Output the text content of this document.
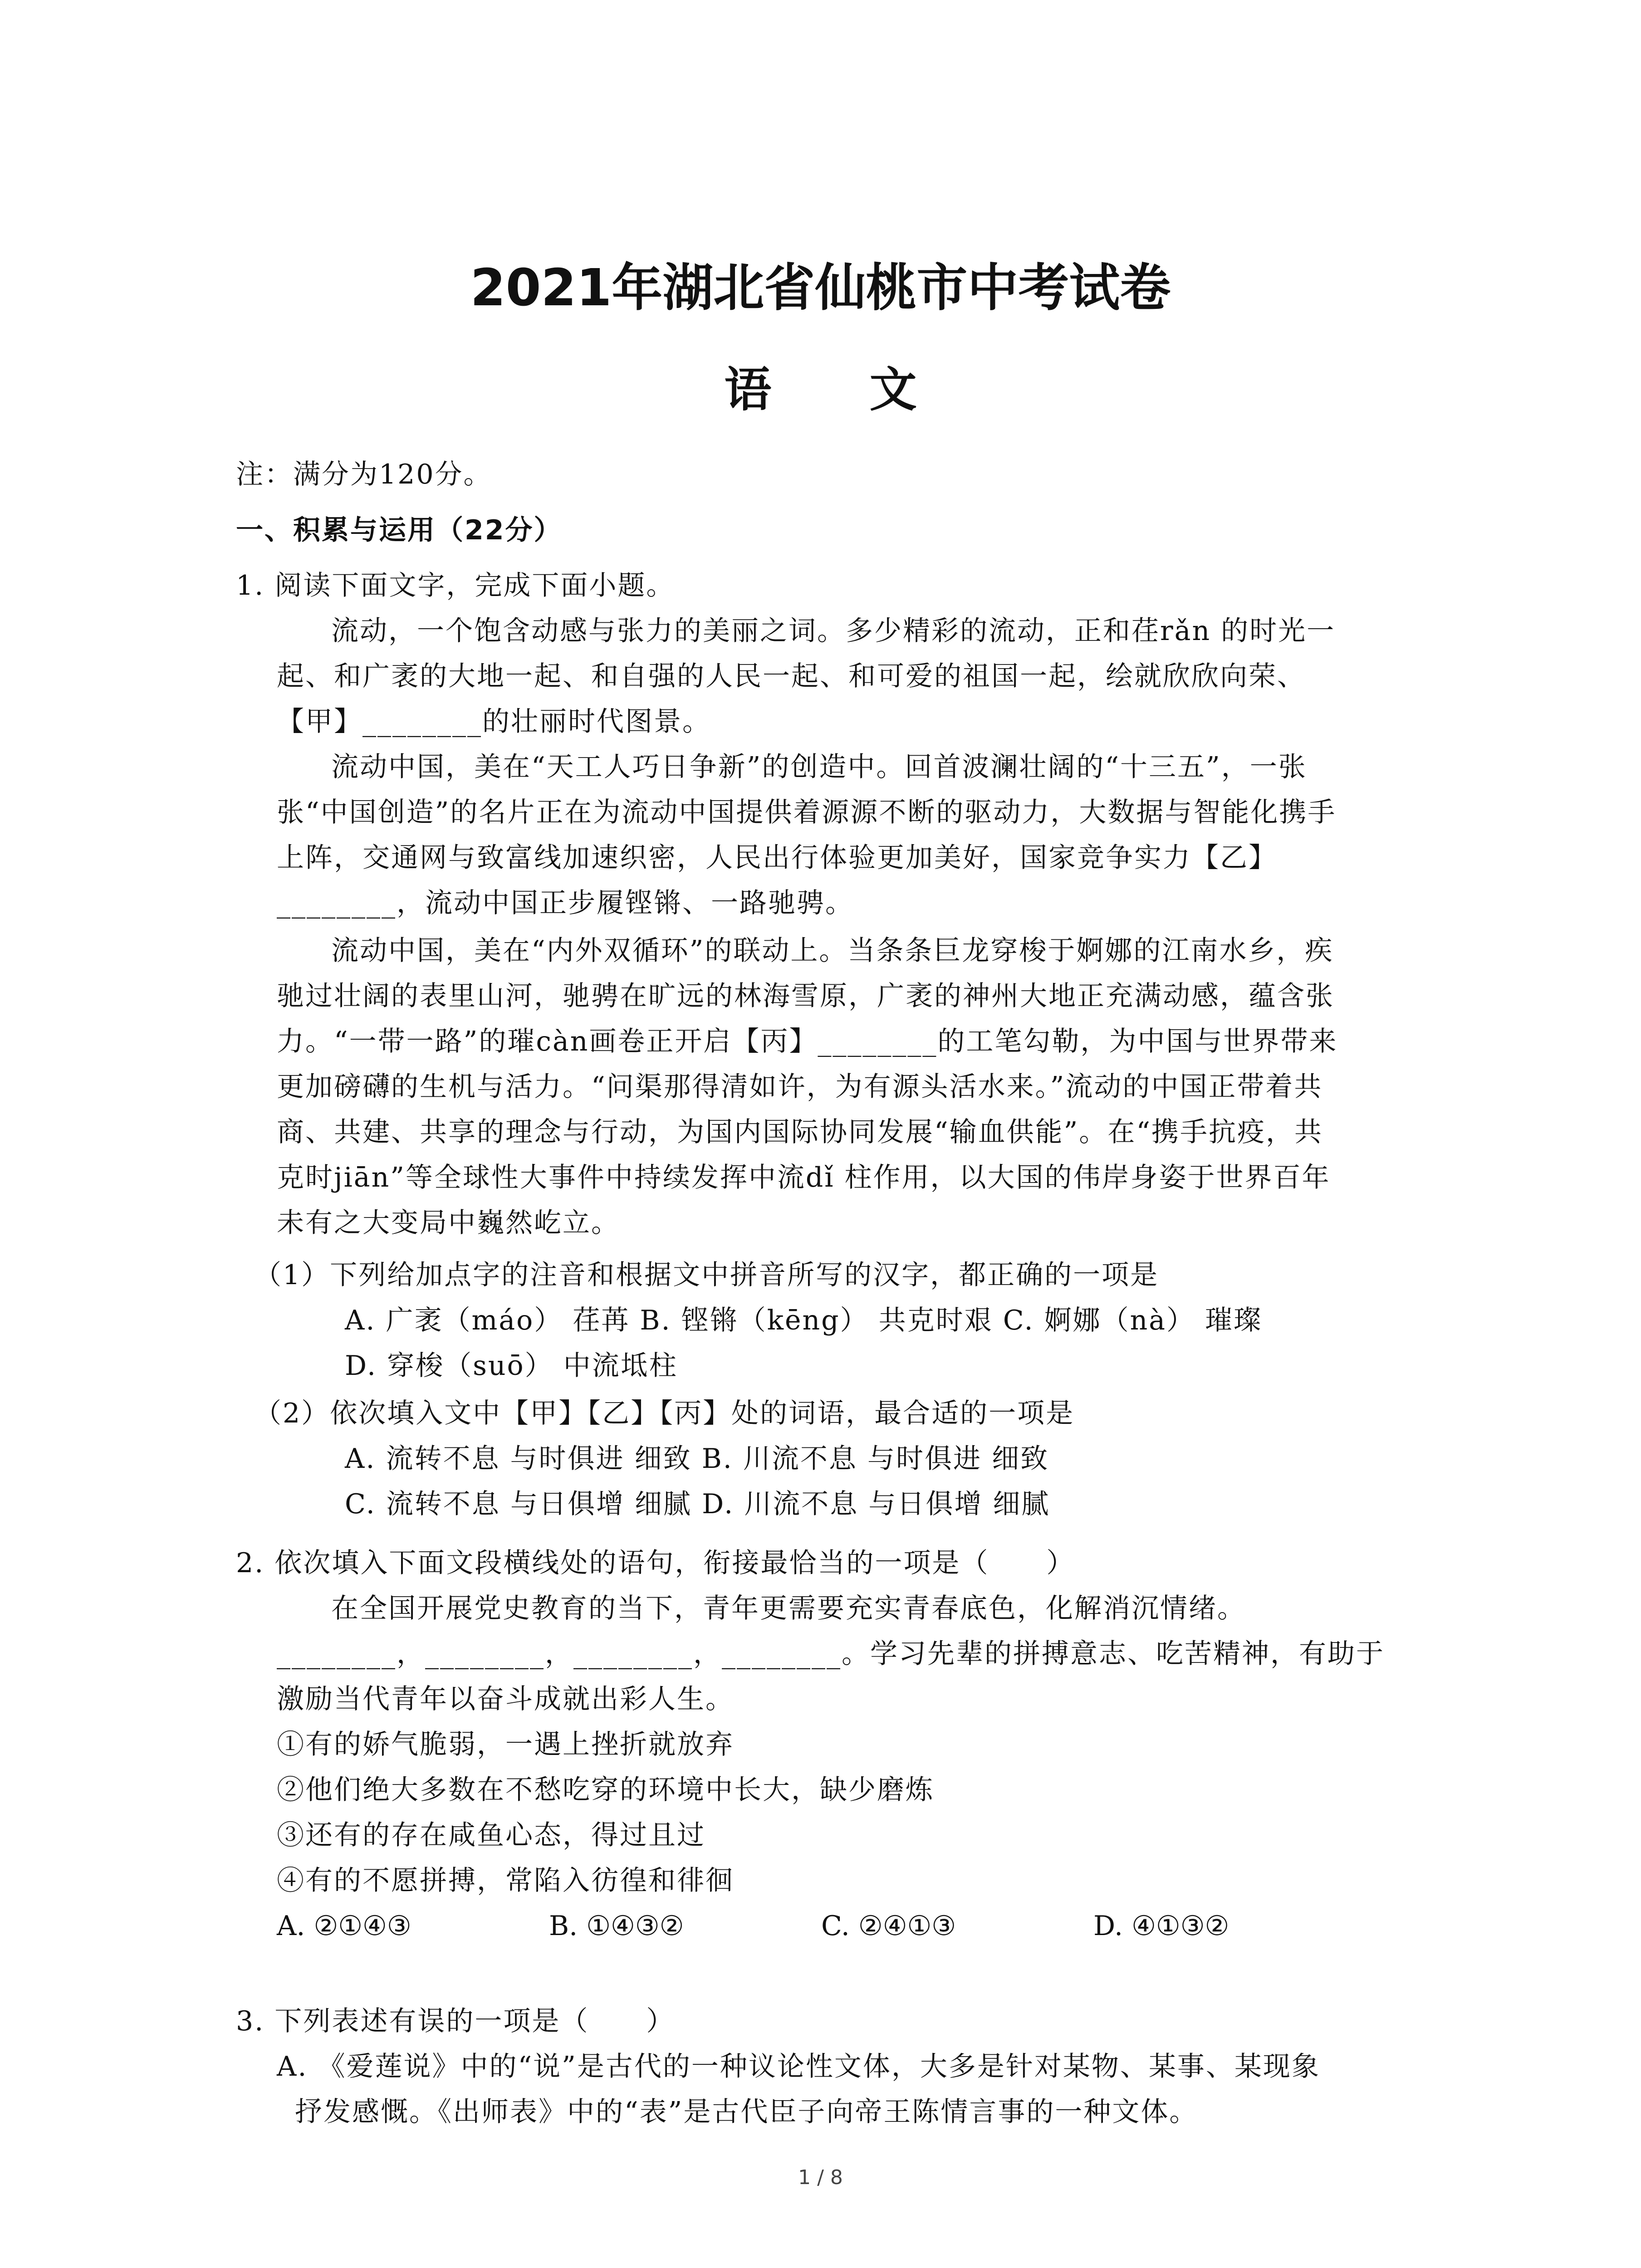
2021年湖北省仙桃市中考试卷
语 文
注：满分为120分。
一、积累与运用（22分）
1. 阅读下面文字，完成下面小题。
流动，一个饱含动感与张力的美丽之词。多少精彩的流动，正和荏rǎn 的时光一
起、和广袤的大地一起、和自强的人民一起、和可爱的祖国一起，绘就欣欣向荣、
【甲】________的壮丽时代图景。
流动中国，美在“天工人巧日争新”的创造中。回首波澜壮阔的“十三五”，一张
张“中国创造”的名片正在为流动中国提供着源源不断的驱动力，大数据与智能化携手
上阵，交通网与致富线加速织密，人民出行体验更加美好，国家竞争实力【乙】
________，流动中国正步履铿锵、一路驰骋。
流动中国，美在“内外双循环”的联动上。当条条巨龙穿梭于婀娜的江南水乡，疾
驰过壮阔的表里山河，驰骋在旷远的林海雪原，广袤的神州大地正充满动感，蕴含张
力。“一带一路”的璀càn画卷正开启【丙】________的工笔勾勒，为中国与世界带来
更加磅礴的生机与活力。“问渠那得清如许，为有源头活水来。”流动的中国正带着共
商、共建、共享的理念与行动，为国内国际协同发展“输血供能”。在“携手抗疫，共
克时jiān”等全球性大事件中持续发挥中流dǐ 柱作用，以大国的伟岸身姿于世界百年
未有之大变局中巍然屹立。
（1）下列给加点字的注音和根据文中拼音所写的汉字，都正确的一项是
A. 广袤（máo） 荏苒 B. 铿锵（kēng） 共克时艰 C. 婀娜（nà） 璀璨
D. 穿梭（suō） 中流坻柱
（2）依次填入文中【甲】【乙】【丙】处的词语，最合适的一项是
A. 流转不息 与时俱进 细致 B. 川流不息 与时俱进 细致
C. 流转不息 与日俱增 细腻 D. 川流不息 与日俱增 细腻
2. 依次填入下面文段横线处的语句，衔接最恰当的一项是（　　）
在全国开展党史教育的当下，青年更需要充实青春底色，化解消沉情绪。
________，________，________，________。学习先辈的拼搏意志、吃苦精神，有助于
激励当代青年以奋斗成就出彩人生。
①有的娇气脆弱，一遇上挫折就放弃
②他们绝大多数在不愁吃穿的环境中长大，缺少磨炼
③还有的存在咸鱼心态，得过且过
④有的不愿拼搏，常陷入彷徨和徘徊
A. ②①④③	B. ①④③②	C. ②④①③	D. ④①③②
3. 下列表述有误的一项是（　　）
A. 《爱莲说》中的“说”是古代的一种议论性文体，大多是针对某物、某事、某现象
抒发感慨。《出师表》中的“表”是古代臣子向帝王陈情言事的一种文体。
1 / 8
